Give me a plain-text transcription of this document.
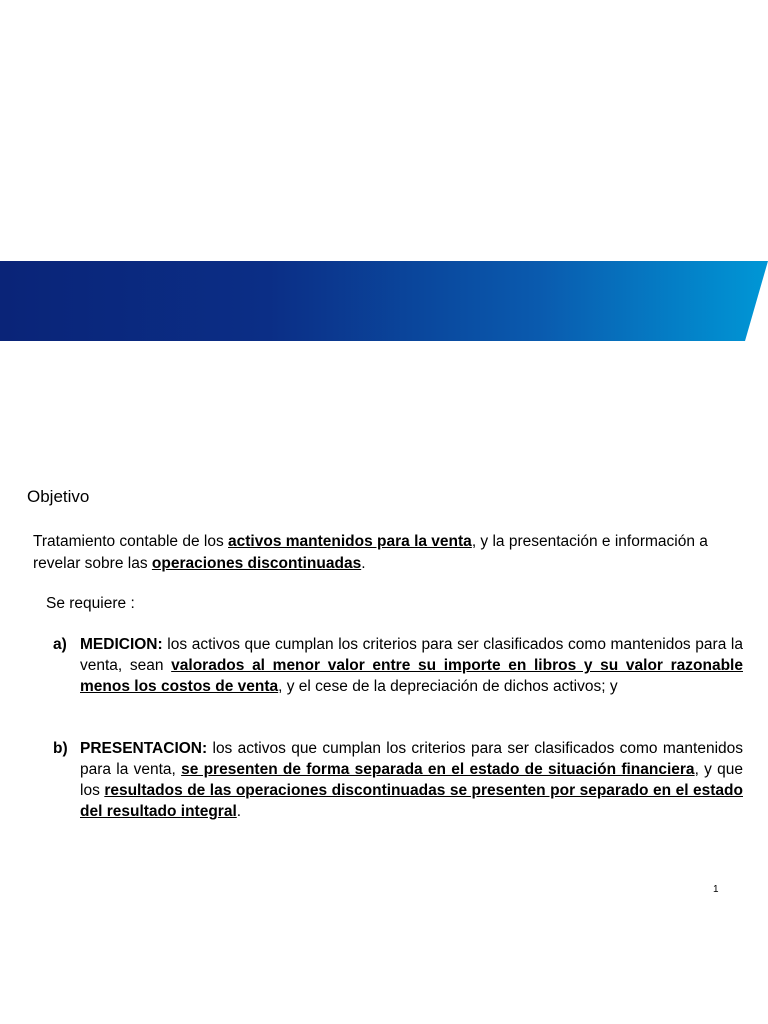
Objetivo

Tratamiento contable de los activos mantenidos para la venta, y la presentación e información a revelar sobre las operaciones discontinuadas.

Se requiere :

a) MEDICION: los activos que cumplan los criterios para ser clasificados como mantenidos para la venta, sean valorados al menor valor entre su importe en libros y su valor razonable menos los costos de venta, y el cese de la depreciación de dichos activos; y
b) PRESENTACION: los activos que cumplan los criterios para ser clasificados como mantenidos para la venta, se presenten de forma separada en el estado de situación financiera, y que los resultados de las operaciones discontinuadas se presenten por separado en el estado del resultado integral.
1
